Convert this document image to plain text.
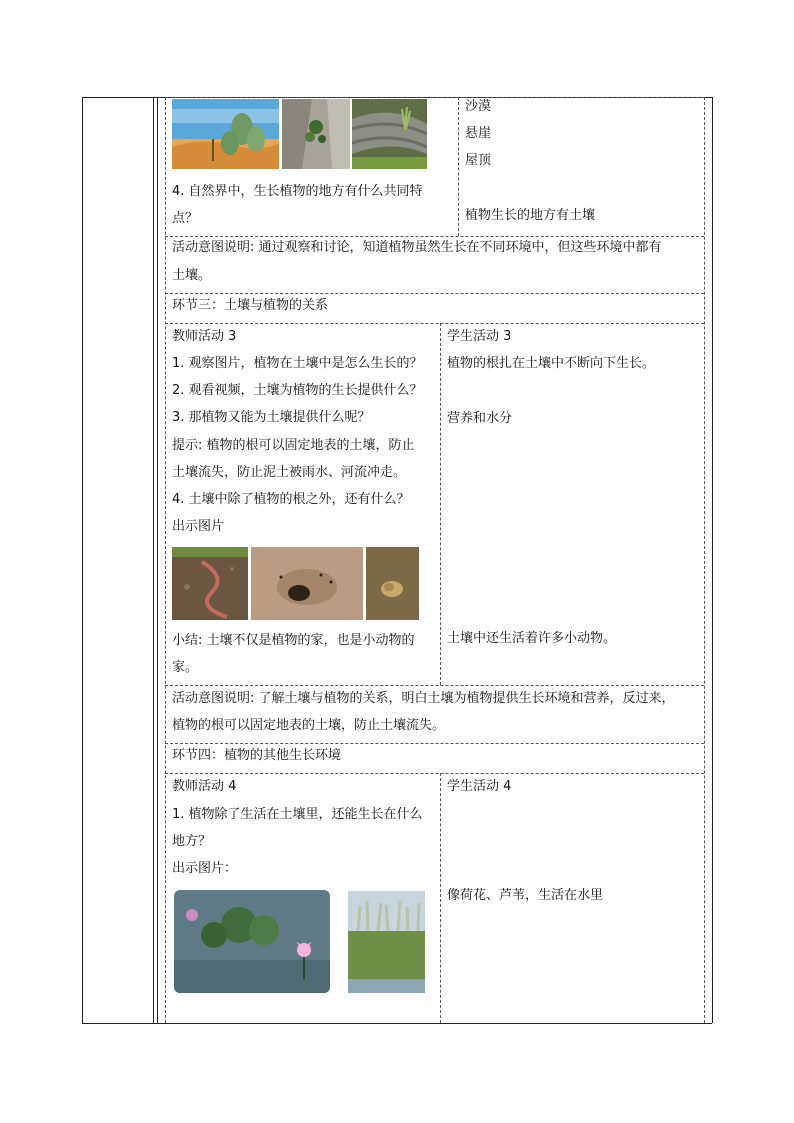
4. 自然界中，生长植物的地方有什么共同特
点？
沙漠
悬崖
屋顶
植物生长的地方有土壤
活动意图说明: 通过观察和讨论，知道植物虽然生长在不同环境中，但这些环境中都有
土壤。
环节三：土壤与植物的关系
教师活动 3	学生活动 3
1. 观察图片，植物在土壤中是怎么生长的？
2. 观看视频，土壤为植物的生长提供什么？
3. 那植物又能为土壤提供什么呢？
提示: 植物的根可以固定地表的土壤，防止
土壤流失，防止泥土被雨水、河流冲走。
4. 土壤中除了植物的根之外，还有什么？
出示图片
小结: 土壤不仅是植物的家，也是小动物的
家。
植物的根扎在土壤中不断向下生长。
营养和水分
土壤中还生活着许多小动物。
活动意图说明: 了解土壤与植物的关系，明白土壤为植物提供生长环境和营养，反过来，
植物的根可以固定地表的土壤，防止土壤流失。
环节四：植物的其他生长环境
教师活动 4	学生活动 4
1. 植物除了生活在土壤里，还能生长在什么
地方？
出示图片：
像荷花、芦苇，生活在水里
